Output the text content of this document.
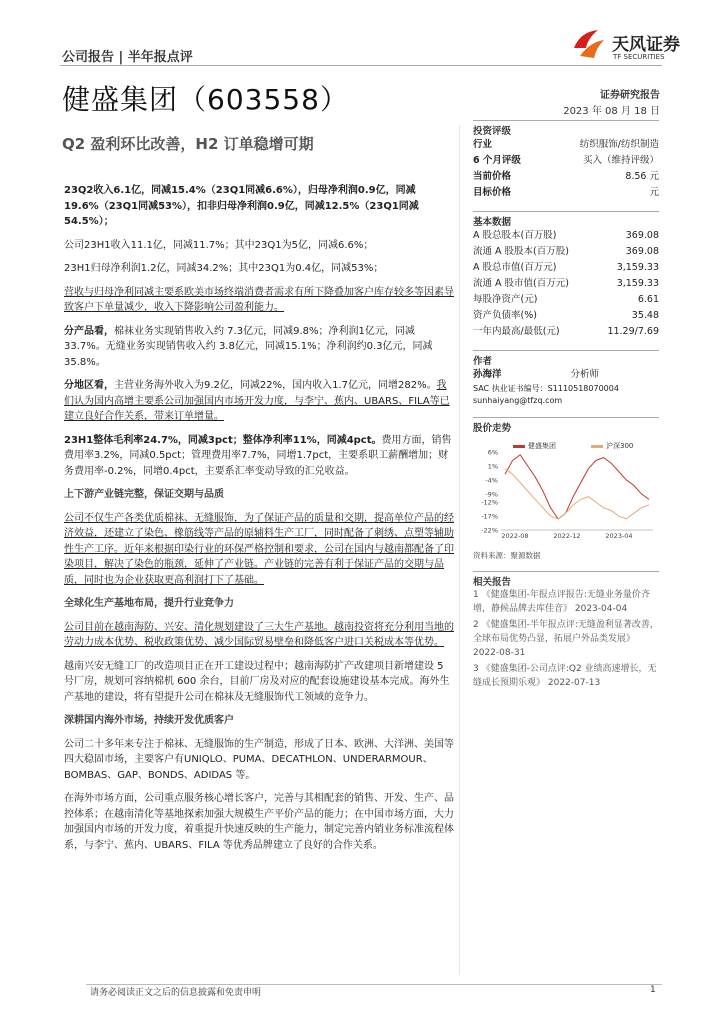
公司报告 | 半年报点评
天风证券
TF SECURITIES
健盛集团（603558）	证券研究报告
2023 年 08 月 18 日
Q2 盈利环比改善，H2 订单稳增可期

23Q2收入6.1亿，同减15.4%（23Q1同减6.6%），归母净利润0.9亿，同减19.6%（23Q1同减53%），扣非归母净利润0.9亿，同减12.5%（23Q1同减54.5%）；

公司23H1收入11.1亿，同减11.7%；其中23Q1为5亿，同减6.6%；

23H1归母净利润1.2亿，同减34.2%；其中23Q1为0.4亿，同减53%；

营收与归母净利同减主要系欧美市场终端消费者需求有所下降叠加客户库存较多等因素导致客户下单量减少，收入下降影响公司盈利能力。

分产品看，棉袜业务实现销售收入约 7.3亿元，同减9.8%；净利润1亿元，同减33.7%。无缝业务实现销售收入约 3.8亿元，同减15.1%；净利润约0.3亿元，同减35.8%。

分地区看，主营业务海外收入为9.2亿，同减22%，国内收入1.7亿元，同增282%。我们认为国内高增主要系公司加强国内市场开发力度，与李宁、蕉内、UBARS、FILA等已建立良好合作关系，带来订单增量。

23H1整体毛利率24.7%，同减3pct；整体净利率11%，同减4pct。费用方面，销售费用率3.2%，同减0.5pct；管理费用率7.7%，同增1.7pct，主要系职工薪酬增加；财务费用率-0.2%，同增0.4pct，主要系汇率变动导致的汇兑收益。

上下游产业链完整，保证交期与品质

公司不仅生产各类优质棉袜、无缝服饰，为了保证产品的质量和交期，提高单位产品的经济效益，还建立了染色、橡筋线等产品的原辅料生产工厂，同时配备了刺绣、点塑等辅助性生产工序。近年来根据印染行业的环保严格控制和要求，公司在国内与越南都配备了印染项目，解决了染色的瓶颈，延伸了产业链。产业链的完善有利于保证产品的交期与品质，同时也为企业获取更高利润打下了基础。

全球化生产基地布局，提升行业竞争力

公司目前在越南海防、兴安、清化规划建设了三大生产基地。越南投资将充分利用当地的劳动力成本优势、税收政策优势、减少国际贸易壁垒和降低客户进口关税成本等优势。

越南兴安无缝工厂的改造项目正在开工建设过程中；越南海防扩产改建项目新增建设 5 号厂房，规划可容纳棉机 600 余台，目前厂房及对应的配套设施建设基本完成。海外生产基地的建设，将有望提升公司在棉袜及无缝服饰代工领域的竞争力。

深耕国内海外市场，持续开发优质客户

公司二十多年来专注于棉袜、无缝服饰的生产制造，形成了日本、欧洲、大洋洲、美国等四大稳固市场，主要客户有UNIQLO、PUMA、DECATHLON、UNDERARMOUR、BOMBAS、GAP、BONDS、ADIDAS 等。

在海外市场方面，公司重点服务核心增长客户，完善与其相配套的销售、开发、生产、品控体系；在越南清化等基地探索加强大规模生产平价产品的能力；在中国市场方面，大力加强国内市场的开发力度，着重提升快速反映的生产能力，制定完善内销业务标准流程体系，与李宁、蕉内、UBARS、FILA 等优秀品牌建立了良好的合作关系。

投资评级
行业	纺织服饰/纺织制造
6 个月评级	买入（维持评级）
当前价格	8.56 元
目标价格	元
基本数据
A 股总股本(百万股)	369.08
流通 A 股股本(百万股)	369.08
A 股总市值(百万元)	3,159.33
流通 A 股市值(百万元)	3,159.33
每股净资产(元)	6.61
资产负债率(%)	35.48
一年内最高/最低(元)	11.29/7.69
作者
孙海洋	分析师
SAC 执业证书编号：S1110518070004
sunhaiyang@tfzq.com
股价走势
6%
1%
-4%
-9%
-12%
-17%
-22%
2022-08	2022-12	2023-04
健盛集团	沪深300
资料来源：聚源数据
相关报告
1 《健盛集团-年报点评报告:无缝业务量价齐增，静候品牌去库佳音》 2023-04-04
2 《健盛集团-半年报点评:无缝盈利显著改善，全球布局优势凸显，拓展户外品类发展》 2022-08-31
3 《健盛集团-公司点评:Q2 业绩高速增长，无缝成长预期乐观》 2022-07-13
请务必阅读正文之后的信息披露和免责申明	1
